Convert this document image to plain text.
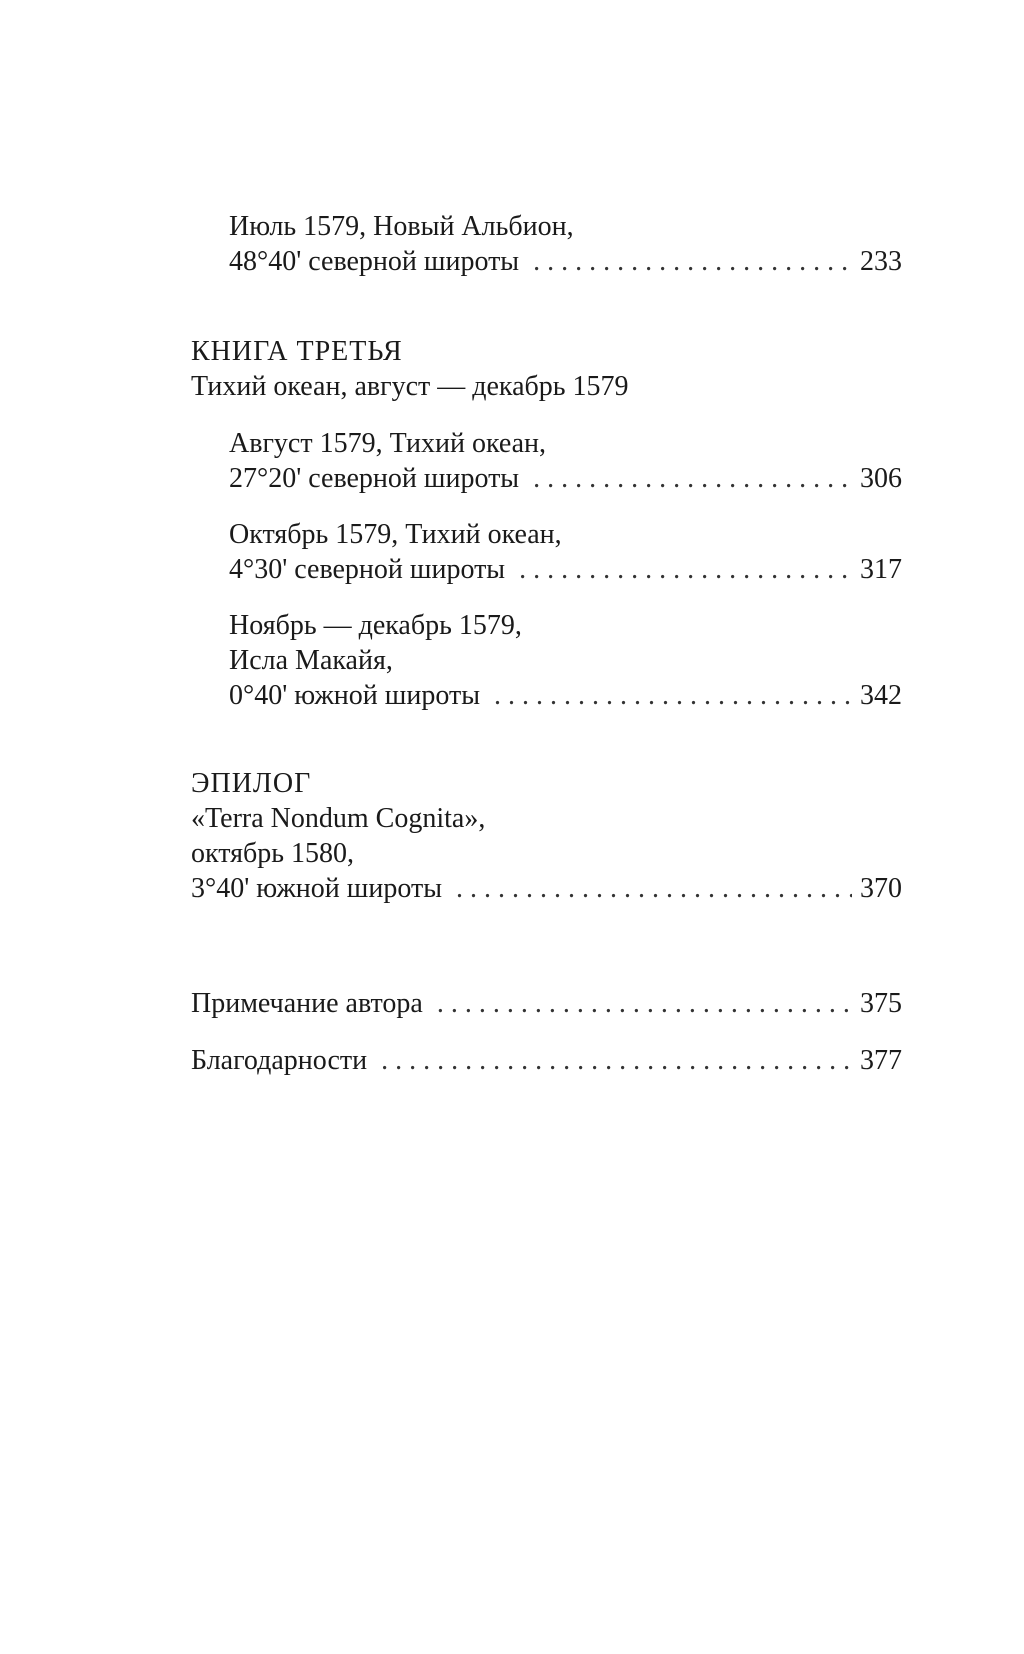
Июль 1579, Новый Альбион,
48°40' северной широты . . .	233
КНИГА ТРЕТЬЯ
Тихий океан, август — декабрь 1579
Август 1579, Тихий океан,
27°20' северной широты . . .	306
Октябрь 1579, Тихий океан,
4°30' северной широты . . .	317
Ноябрь — декабрь 1579,
Исла Макайя,
0°40' южной широты . . .	342
ЭПИЛОГ
«Terra Nondum Cognita»,
октябрь 1580,
3°40' южной широты . . .	370
Примечание автора . . .	375
Благодарности . . .	377
